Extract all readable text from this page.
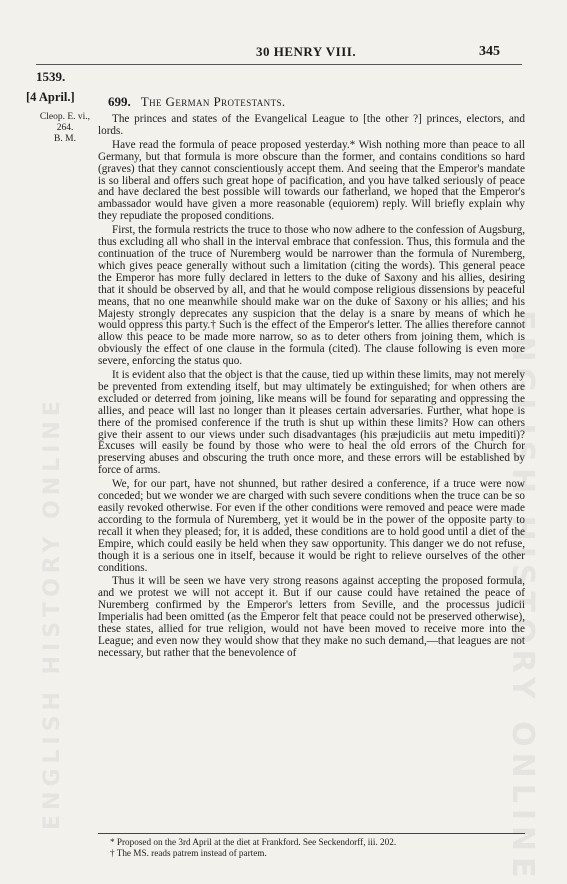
ENGLISH HISTORY ONLINE
ENGLISH HISTORY ONLINE
30 HENRY VIII.	345
1539.
[4 April.]
Cleop. E. vi.,
264.
B. M.
699. The German Protestants.

The princes and states of the Evangelical League to [the other ?] princes, electors, and lords.

Have read the formula of peace proposed yesterday.* Wish nothing more than peace to all Germany, but that formula is more obscure than the former, and contains conditions so hard (graves) that they cannot conscientiously accept them. And seeing that the Emperor's mandate is so liberal and offers such great hope of pacification, and you have talked seriously of peace and have declared the best possible will towards our fatherland, we hoped that the Emperor's ambassador would have given a more reasonable (equiorem) reply. Will briefly explain why they repudiate the proposed conditions.

First, the formula restricts the truce to those who now adhere to the confession of Augsburg, thus excluding all who shall in the interval embrace that confession. Thus, this formula and the continuation of the truce of Nuremberg would be narrower than the formula of Nuremberg, which gives peace generally without such a limitation (citing the words). This general peace the Emperor has more fully declared in letters to the duke of Saxony and his allies, desiring that it should be observed by all, and that he would compose religious dissensions by peaceful means, that no one meanwhile should make war on the duke of Saxony or his allies; and his Majesty strongly deprecates any suspicion that the delay is a snare by means of which he would oppress this party.† Such is the effect of the Emperor's letter. The allies therefore cannot allow this peace to be made more narrow, so as to deter others from joining them, which is obviously the effect of one clause in the formula (cited). The clause following is even more severe, enforcing the status quo.

It is evident also that the object is that the cause, tied up within these limits, may not merely be prevented from extending itself, but may ultimately be extinguished; for when others are excluded or deterred from joining, like means will be found for separating and oppressing the allies, and peace will last no longer than it pleases certain adversaries. Further, what hope is there of the promised conference if the truth is shut up within these limits? How can others give their assent to our views under such disadvantages (his præjudiciis aut metu impediti)? Excuses will easily be found by those who were to heal the old errors of the Church for preserving abuses and obscuring the truth once more, and these errors will be established by force of arms.

We, for our part, have not shunned, but rather desired a conference, if a truce were now conceded; but we wonder we are charged with such severe conditions when the truce can be so easily revoked otherwise. For even if the other conditions were removed and peace were made according to the formula of Nuremberg, yet it would be in the power of the opposite party to recall it when they pleased; for, it is added, these conditions are to hold good until a diet of the Empire, which could easily be held when they saw opportunity. This danger we do not refuse, though it is a serious one in itself, because it would be right to relieve ourselves of the other conditions.

Thus it will be seen we have very strong reasons against accepting the proposed formula, and we protest we will not accept it. But if our cause could have retained the peace of Nuremberg confirmed by the Emperor's letters from Seville, and the processus judicii Imperialis had been omitted (as the Emperor felt that peace could not be preserved otherwise), these states, allied for true religion, would not have been moved to receive more into the League; and even now they would show that they make no such demand,—that leagues are not necessary, but rather that the benevolence of

* Proposed on the 3rd April at the diet at Frankford. See Seckendorff, iii. 202.
† The MS. reads patrem instead of partem.
